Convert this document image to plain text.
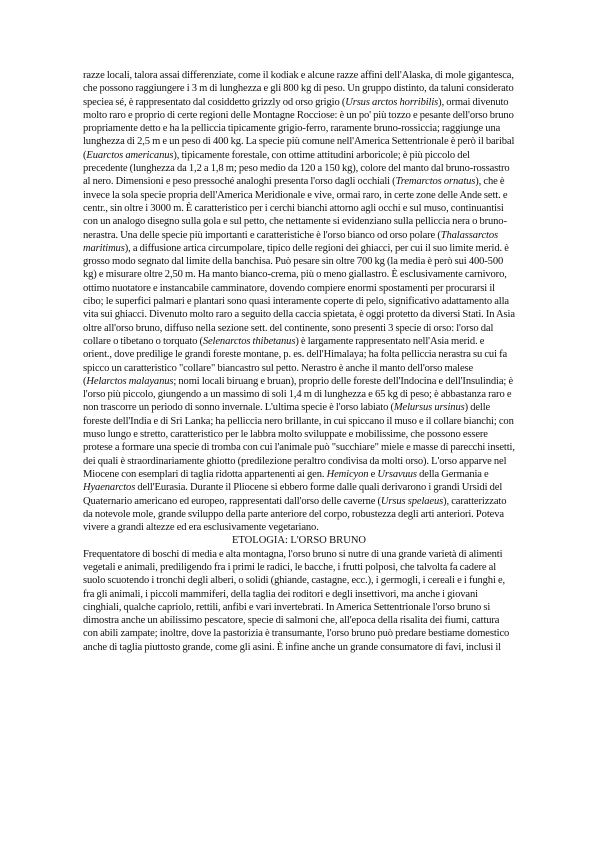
razze locali, talora assai differenziate, come il kodiak e alcune razze affini dell'Alaska, di mole gigantesca, che possono raggiungere i 3 m di lunghezza e gli 800 kg di peso. Un gruppo distinto, da taluni considerato speciea sé, è rappresentato dal cosiddetto grizzly od orso grigio (Ursus arctos horribilis), ormai divenuto molto raro e proprio di certe regioni delle Montagne Rocciose: è un po' più tozzo e pesante dell'orso bruno propriamente detto e ha la pelliccia tipicamente grigio-ferro, raramente bruno-rossiccia; raggiunge una lunghezza di 2,5 m e un peso di 400 kg. La specie più comune nell'America Settentrionale è però il baribal (Euarctos americanus), tipicamente forestale, con ottime attitudini arboricole; è più piccolo del precedente (lunghezza da 1,2 a 1,8 m; peso medio da 120 a 150 kg), colore del manto dal bruno-rossastro al nero. Dimensioni e peso pressoché analoghi presenta l'orso dagli occhiali (Tremarctos ornatus), che è invece la sola specie propria dell'America Meridionale e vive, ormai raro, in certe zone delle Ande sett. e centr., sin oltre i 3000 m. È caratteristico per i cerchi bianchi attorno agli occhi e sul muso, continuantisi con un analogo disegno sulla gola e sul petto, che nettamente si evidenziano sulla pelliccia nera o bruno-nerastra. Una delle specie più importanti e caratteristiche è l'orso bianco od orso polare (Thalassarctos maritimus), a diffusione artica circumpolare, tipico delle regioni dei ghiacci, per cui il suo limite merid. è grosso modo segnato dal limite della banchisa. Può pesare sin oltre 700 kg (la media è però sui 400-500 kg) e misurare oltre 2,50 m. Ha manto bianco-crema, più o meno giallastro. È esclusivamente carnivoro, ottimo nuotatore e instancabile camminatore, dovendo compiere enormi spostamenti per procurarsi il cibo; le superfici palmari e plantari sono quasi interamente coperte di pelo, significativo adattamento alla vita sui ghiacci. Divenuto molto raro a seguito della caccia spietata, è oggi protetto da diversi Stati. In Asia oltre all'orso bruno, diffuso nella sezione sett. del continente, sono presenti 3 specie di orso: l'orso dal collare o tibetano o torquato (Selenarctos thibetanus) è largamente rappresentato nell'Asia merid. e orient., dove predilige le grandi foreste montane, p. es. dell'Himalaya; ha folta pelliccia nerastra su cui fa spicco un caratteristico "collare" biancastro sul petto. Nerastro è anche il manto dell'orso malese (Helarctos malayanus; nomi locali biruang e bruan), proprio delle foreste dell'Indocina e dell'Insulindia; è l'orso più piccolo, giungendo a un massimo di soli 1,4 m di lunghezza e 65 kg di peso; è abbastanza raro e non trascorre un periodo di sonno invernale. L'ultima specie è l'orso labiato (Melursus ursinus) delle foreste dell'India e di Sri Lanka; ha pelliccia nero brillante, in cui spiccano il muso e il collare bianchi; con muso lungo e stretto, caratteristico per le labbra molto sviluppate e mobilissime, che possono essere protese a formare una specie di tromba con cui l'animale può "succhiare" miele e masse di parecchi insetti, dei quali è straordinariamente ghiotto (predilezione peraltro condivisa da molti orso). L'orso apparve nel Miocene con esemplari di taglia ridotta appartenenti ai gen. Hemicyon e Ursavuus della Germania e Hyaenarctos dell'Eurasia. Durante il Pliocene si ebbero forme dalle quali derivarono i grandi Ursidi del Quaternario americano ed europeo, rappresentati dall'orso delle caverne (Ursus spelaeus), caratterizzato da notevole mole, grande sviluppo della parte anteriore del corpo, robustezza degli arti anteriori. Poteva vivere a grandi altezze ed era esclusivamente vegetariano.

ETOLOGIA: L'ORSO BRUNO

Frequentatore di boschi di media e alta montagna, l'orso bruno si nutre di una grande varietà di alimenti vegetali e animali, prediligendo fra i primi le radici, le bacche, i frutti polposi, che talvolta fa cadere al suolo scuotendo i tronchi degli alberi, o solidi (ghiande, castagne, ecc.), i germogli, i cereali e i funghi e, fra gli animali, i piccoli mammiferi, della taglia dei roditori e degli insettivori, ma anche i giovani cinghiali, qualche capriolo, rettili, anfibi e vari invertebrati. In America Settentrionale l'orso bruno si dimostra anche un abilissimo pescatore, specie di salmoni che, all'epoca della risalita dei fiumi, cattura con abili zampate; inoltre, dove la pastorizia è transumante, l'orso bruno può predare bestiame domestico anche di taglia piuttosto grande, come gli asini. È infine anche un grande consumatore di favi, inclusi il
